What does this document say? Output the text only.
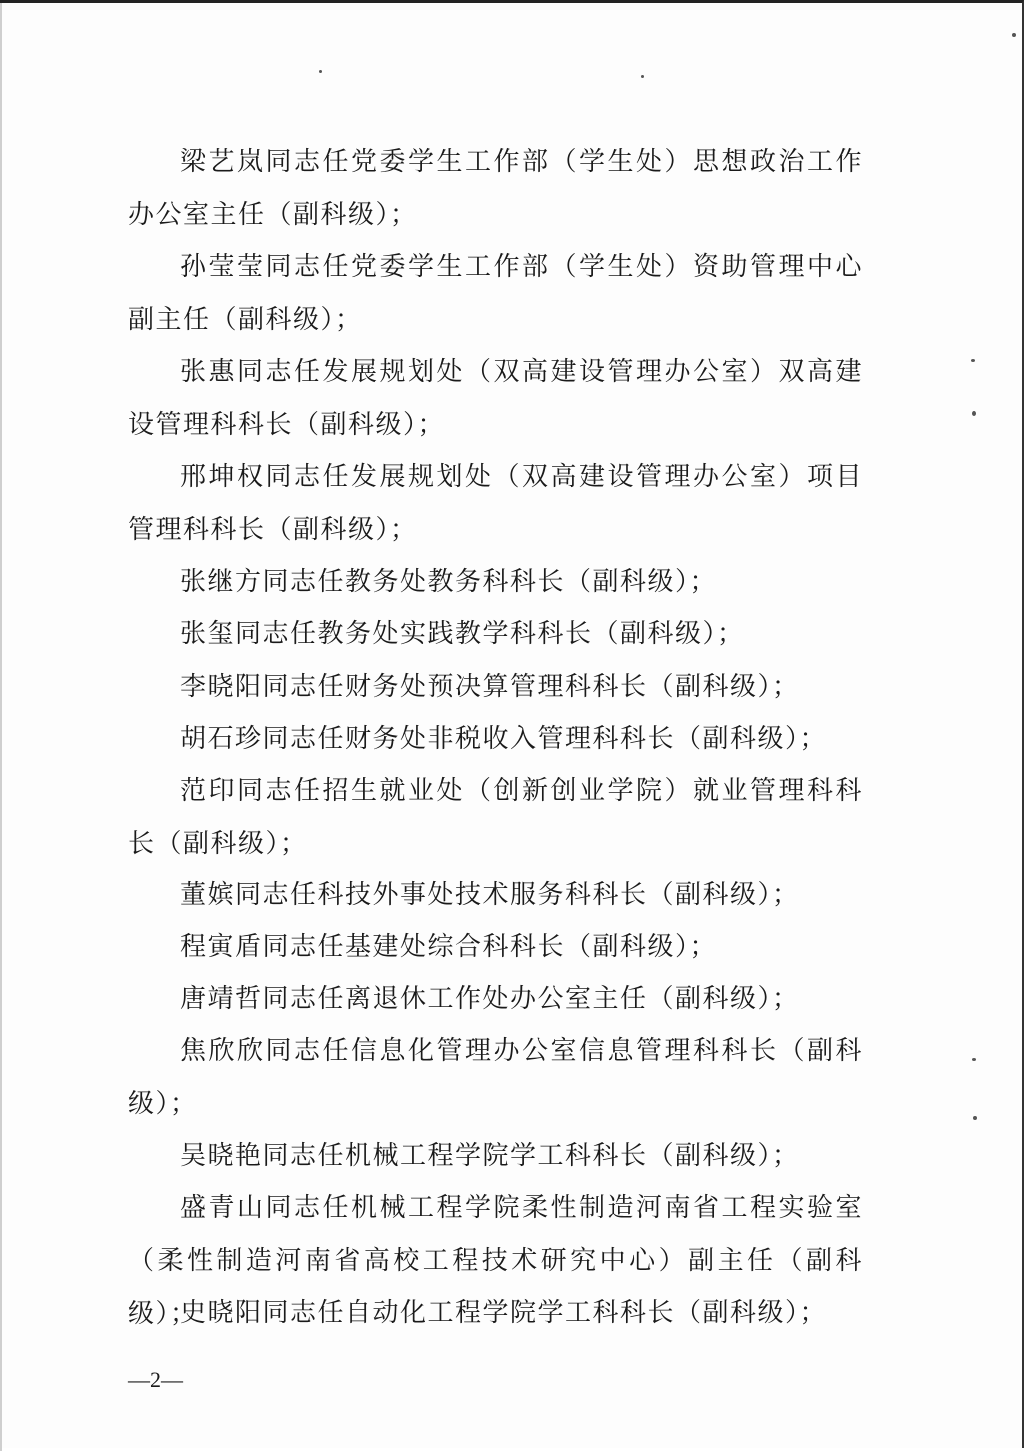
梁艺岚同志任党委学生工作部（学生处）思想政治工作办公室主任（副科级）；

孙莹莹同志任党委学生工作部（学生处）资助管理中心副主任（副科级）；

张惠同志任发展规划处（双高建设管理办公室）双高建设管理科科长（副科级）；

邢坤权同志任发展规划处（双高建设管理办公室）项目管理科科长（副科级）；

张继方同志任教务处教务科科长（副科级）；

张玺同志任教务处实践教学科科长（副科级）；

李晓阳同志任财务处预决算管理科科长（副科级）；

胡石珍同志任财务处非税收入管理科科长（副科级）；

范印同志任招生就业处（创新创业学院）就业管理科科长（副科级）；

董嫔同志任科技外事处技术服务科科长（副科级）；

程寅盾同志任基建处综合科科长（副科级）；

唐靖哲同志任离退休工作处办公室主任（副科级）；

焦欣欣同志任信息化管理办公室信息管理科科长（副科级）；

吴晓艳同志任机械工程学院学工科科长（副科级）；

盛青山同志任机械工程学院柔性制造河南省工程实验室（柔性制造河南省高校工程技术研究中心）副主任（副科级）；

史晓阳同志任自动化工程学院学工科科长（副科级）；

—2—
